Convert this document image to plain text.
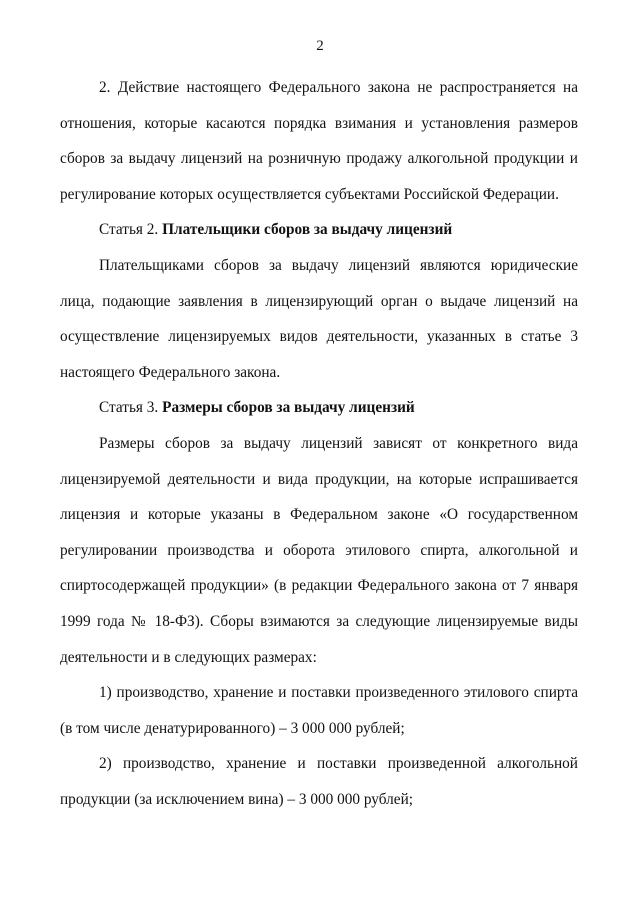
2

2. Действие настоящего Федерального закона не распространяется на отношения, которые касаются порядка взимания и установления размеров сборов за выдачу лицензий на розничную продажу алкогольной продукции и регулирование которых осуществляется субъектами Российской Федерации.

Статья 2. Плательщики сборов за выдачу лицензий

Плательщиками сборов за выдачу лицензий являются юридические лица, подающие заявления в лицензирующий орган о выдаче лицензий на осуществление лицензируемых видов деятельности, указанных в статье 3 настоящего Федерального закона.

Статья 3. Размеры сборов за выдачу лицензий

Размеры сборов за выдачу лицензий зависят от конкретного вида лицензируемой деятельности и вида продукции, на которые испрашивается лицензия и которые указаны в Федеральном законе «О государственном регулировании производства и оборота этилового спирта, алкогольной и спиртосодержащей продукции» (в редакции Федерального закона от 7 января 1999 года № 18-ФЗ). Сборы взимаются за следующие лицензируемые виды деятельности и в следующих размерах:

1) производство, хранение и поставки произведенного этилового спирта (в том числе денатурированного) – 3 000 000 рублей;

2) производство, хранение и поставки произведенной алкогольной продукции (за исключением вина) – 3 000 000 рублей;
